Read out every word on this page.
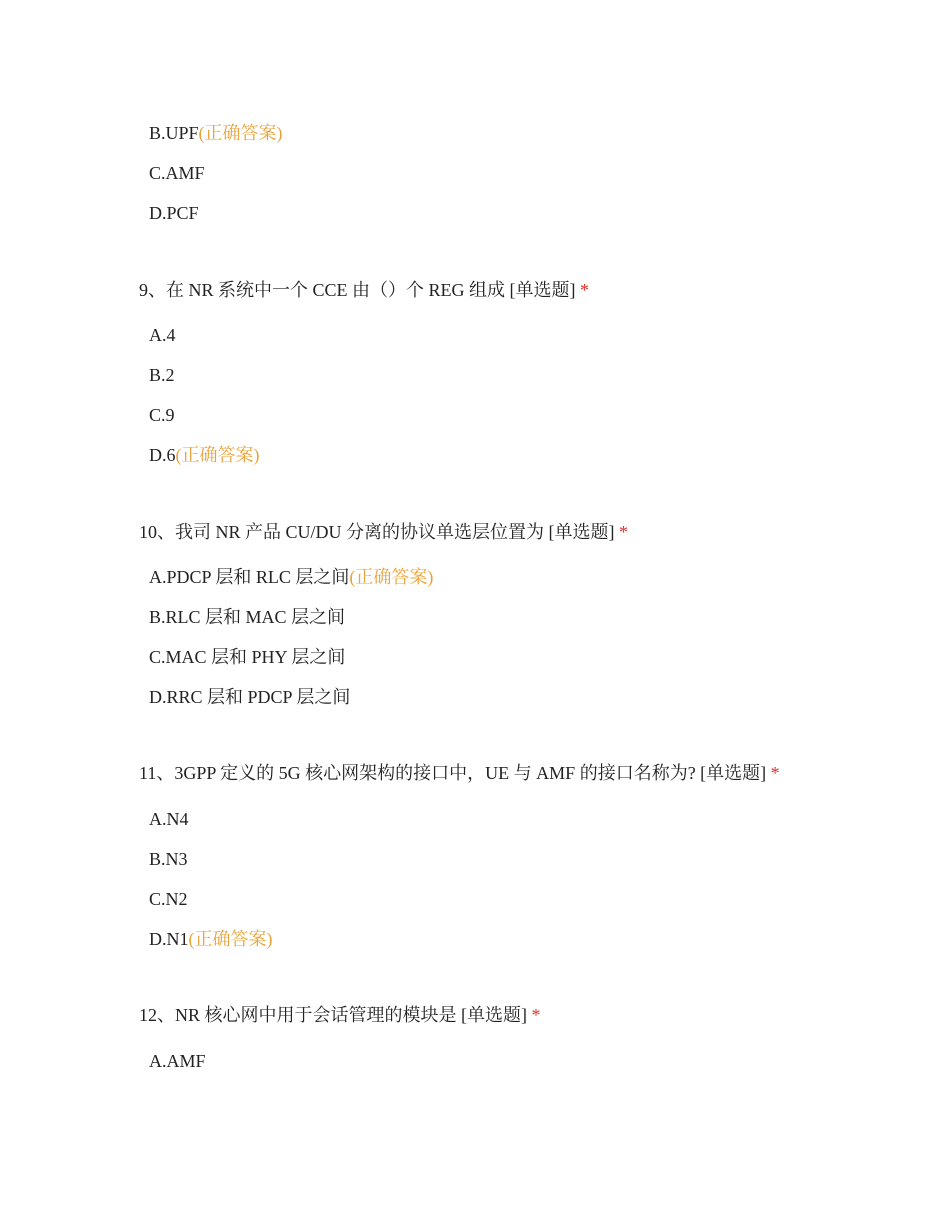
B.UPF(正确答案)
C.AMF
D.PCF
9、在 NR 系统中一个 CCE 由（）个 REG 组成 [单选题] *
A.4
B.2
C.9
D.6(正确答案)
10、我司 NR 产品 CU/DU 分离的协议单选层位置为 [单选题] *
A.PDCP 层和 RLC 层之间(正确答案)
B.RLC 层和 MAC 层之间
C.MAC 层和 PHY 层之间
D.RRC 层和 PDCP 层之间
11、3GPP 定义的 5G 核心网架构的接口中，UE 与 AMF 的接口名称为? [单选题] *
A.N4
B.N3
C.N2
D.N1(正确答案)
12、NR 核心网中用于会话管理的模块是 [单选题] *
A.AMF
